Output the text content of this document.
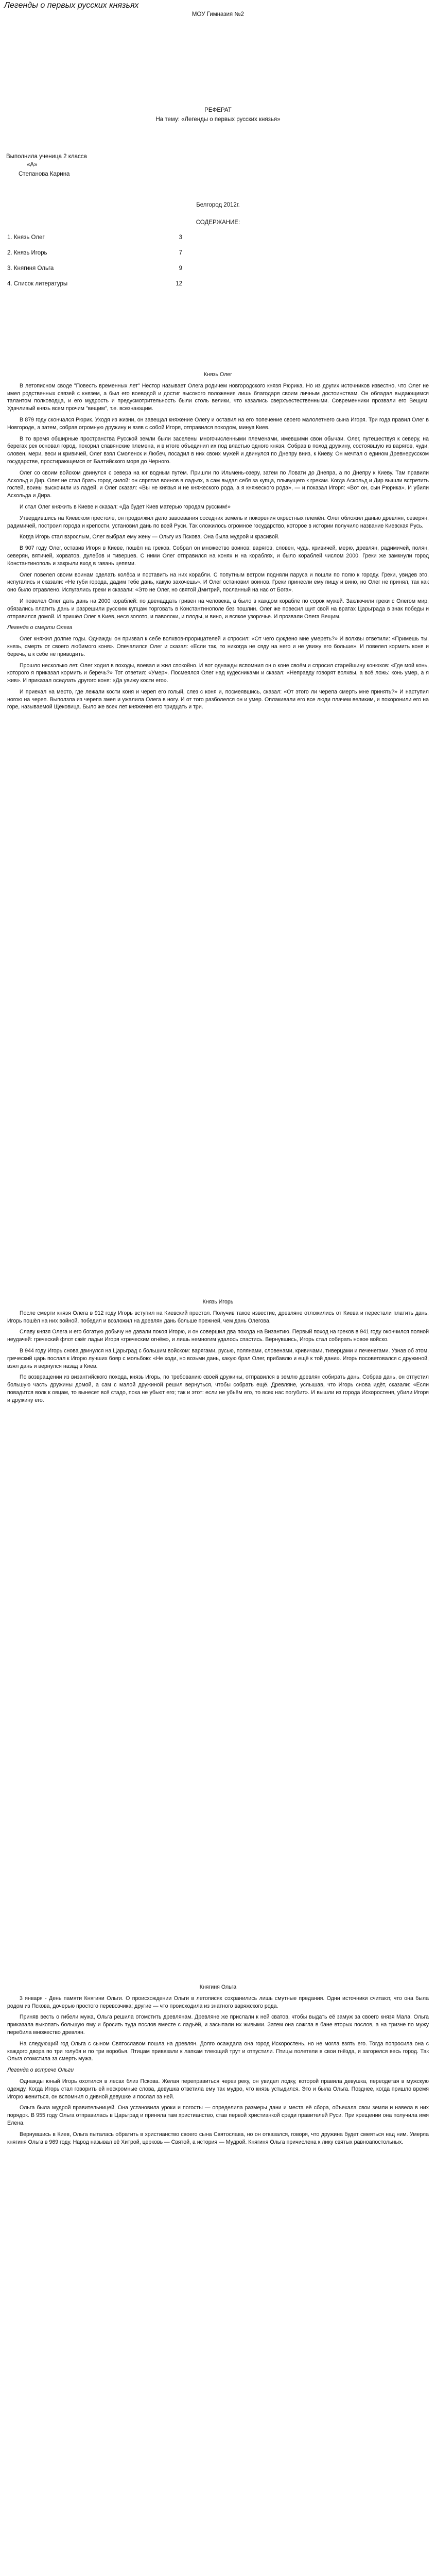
Легенды о первых русских князьях
МОУ Гимназия №2
РЕФЕРАТ
На тему: «Легенды о первых русских князья»
Выполнила ученица 2 класса
«А»
Степанова Карина
Белгород 2012г.
СОДЕРЖАНИЕ:
1. Князь Олег	3
2. Князь Игорь	7
3. Княгиня Ольга	9
4. Список литературы	12

Князь Олег

В летописном своде "Повесть временных лет" Нестор называет Олега родичем новгородского князя Рюрика. Но из других источников известно, что Олег не имел родственных связей с князем, а был его воеводой и достиг высокого положения лишь благодаря своим личным достоинствам. Он обладал выдающимся талантом полководца, и его мудрость и предусмотрительность были столь велики, что казались сверхъестественными. Современники прозвали его Вещим. Удачливый князь всем прочим "вещим", т.е. всезнающим.

В 879 году скончался Рюрик. Уходя из жизни, он завещал княжение Олегу и оставил на его попечение своего малолетнего сына Игоря. Три года правил Олег в Новгороде, а затем, собрав огромную дружину и взяв с собой Игоря, отправился походом, минуя Киев.

В то время обширные пространства Русской земли были заселены многочисленными племенами, имевшими свои обычаи. Олег, путешествуя к северу, на берегах рек основал город, покорил славянские племена, и в итоге объединил их под властью одного князя. Собрав в поход дружину, состоявшую из варягов, чуди, словен, мери, веси и кривичей, Олег взял Смоленск и Любеч, посадил в них своих мужей и двинулся по Днепру вниз, к Киеву. Он мечтал о едином Древнерусском государстве, простирающемся от Балтийского моря до Черного.

Олег со своим войском двинулся с севера на юг водным путём. Пришли по Ильмень-озеру, затем по Ловати до Днепра, а по Днепру к Киеву. Там правили Аскольд и Дир. Олег не стал брать город силой: он спрятал воинов в ладьях, а сам выдал себя за купца, плывущего к грекам. Когда Аскольд и Дир вышли встретить гостей, воины выскочили из ладей, и Олег сказал: «Вы не князья и не княжеского рода, а я княжеского рода», — и показал Игоря: «Вот он, сын Рюрика». И убили Аскольда и Дира.

И стал Олег княжить в Киеве и сказал: «Да будет Киев матерью городам русским!»

Утвердившись на Киевском престоле, он продолжил дело завоевания соседних земель и покорения окрестных племён. Олег обложил данью древлян, северян, радимичей, построил города и крепости, установил дань по всей Руси. Так сложилось огромное государство, которое в истории получило название Киевская Русь.

Когда Игорь стал взрослым, Олег выбрал ему жену — Ольгу из Пскова. Она была мудрой и красивой.

В 907 году Олег, оставив Игоря в Киеве, пошёл на греков. Собрал он множество воинов: варягов, словен, чудь, кривичей, мерю, древлян, радимичей, полян, северян, вятичей, хорватов, дулебов и тиверцев. С ними Олег отправился на конях и на кораблях, и было кораблей числом 2000. Греки же замкнули город Константинополь и закрыли вход в гавань цепями.

Олег повелел своим воинам сделать колёса и поставить на них корабли. С попутным ветром подняли паруса и пошли по полю к городу. Греки, увидев это, испугались и сказали: «Не губи города, дадим тебе дань, какую захочешь». И Олег остановил воинов. Греки принесли ему пищу и вино, но Олег не принял, так как оно было отравлено. Испугались греки и сказали: «Это не Олег, но святой Дмитрий, посланный на нас от Бога».

И повелел Олег дать дань на 2000 кораблей: по двенадцать гривен на человека, а было в каждом корабле по сорок мужей. Заключили греки с Олегом мир, обязались платить дань и разрешили русским купцам торговать в Константинополе без пошлин. Олег же повесил щит свой на вратах Царьграда в знак победы и отправился домой. И пришёл Олег в Киев, неся золото, и паволоки, и плоды, и вино, и всякое узорочье. И прозвали Олега Вещим.

Легенда о смерти Олега

Олег княжил долгие годы. Однажды он призвал к себе волхвов-прорицателей и спросил: «От чего суждено мне умереть?» И волхвы ответили: «Примешь ты, князь, смерть от своего любимого коня». Опечалился Олег и сказал: «Если так, то никогда не сяду на него и не увижу его больше». И повелел кормить коня и беречь, а к себе не приводить.

Прошло несколько лет. Олег ходил в походы, воевал и жил спокойно. И вот однажды вспомнил он о коне своём и спросил старейшину конюхов: «Где мой конь, которого я приказал кормить и беречь?» Тот ответил: «Умер». Посмеялся Олег над кудесниками и сказал: «Неправду говорят волхвы, а всё ложь: конь умер, а я жив». И приказал оседлать другого коня: «Да увижу кости его».

И приехал на место, где лежали кости коня и череп его голый, слез с коня и, посмеявшись, сказал: «От этого ли черепа смерть мне принять?» И наступил ногою на череп. Выползла из черепа змея и ужалила Олега в ногу. И от того разболелся он и умер. Оплакивали его все люди плачем великим, и похоронили его на горе, называемой Щековица. Было же всех лет княжения его тридцать и три.

Князь Игорь

После смерти князя Олега в 912 году Игорь вступил на Киевский престол. Получив такое известие, древляне отложились от Киева и перестали платить дань. Игорь пошёл на них войной, победил и возложил на древлян дань больше прежней, чем дань Олегова.

Славу князя Олега и его богатую добычу не давали покоя Игорю, и он совершил два похода на Византию. Первый поход на греков в 941 году окончился полной неудачей: греческий флот сжёг ладьи Игоря «греческим огнём», и лишь немногим удалось спастись. Вернувшись, Игорь стал собирать новое войско.

В 944 году Игорь снова двинулся на Царьград с большим войском: варягами, русью, полянами, словенами, кривичами, тиверцами и печенегами. Узнав об этом, греческий царь послал к Игорю лучших бояр с мольбою: «Не ходи, но возьми дань, какую брал Олег, прибавлю и ещё к той дани». Игорь посоветовался с дружиной, взял дань и вернулся назад в Киев.

По возвращении из византийского похода, князь Игорь, по требованию своей дружины, отправился в землю древлян собирать дань. Собрав дань, он отпустил большую часть дружины домой, а сам с малой дружиной решил вернуться, чтобы собрать ещё. Древляне, услышав, что Игорь снова идёт, сказали: «Если повадится волк к овцам, то вынесет всё стадо, пока не убьют его; так и этот: если не убьём его, то всех нас погубит». И вышли из города Искоростеня, убили Игоря и дружину его.

Княгиня Ольга

3 января - День памяти Княгини Ольги. О происхождении Ольги в летописях сохранились лишь смутные предания. Одни источники считают, что она была родом из Пскова, дочерью простого перевозчика; другие — что происходила из знатного варяжского рода.

Приняв весть о гибели мужа, Ольга решила отомстить древлянам. Древляне же прислали к ней сватов, чтобы выдать её замуж за своего князя Мала. Ольга приказала выкопать большую яму и бросить туда послов вместе с ладьёй, и засыпали их живыми. Затем она сожгла в бане вторых послов, а на тризне по мужу перебила множество древлян.

На следующий год Ольга с сыном Святославом пошла на древлян. Долго осаждала она город Искоростень, но не могла взять его. Тогда попросила она с каждого двора по три голубя и по три воробья. Птицам привязали к лапкам тлеющий трут и отпустили. Птицы полетели в свои гнёзда, и загорелся весь город. Так Ольга отомстила за смерть мужа.

Легенда о встрече Ольги

Однажды юный Игорь охотился в лесах близ Пскова. Желая переправиться через реку, он увидел лодку, которой правила девушка, переодетая в мужскую одежду. Когда Игорь стал говорить ей нескромные слова, девушка ответила ему так мудро, что князь устыдился. Это и была Ольга. Позднее, когда пришло время Игорю жениться, он вспомнил о дивной девушке и послал за ней.

Ольга была мудрой правительницей. Она установила уроки и погосты — определила размеры дани и места её сбора, объехала свои земли и навела в них порядок. В 955 году Ольга отправилась в Царьград и приняла там христианство, став первой христианкой среди правителей Руси. При крещении она получила имя Елена.

Вернувшись в Киев, Ольга пыталась обратить в христианство своего сына Святослава, но он отказался, говоря, что дружина будет смеяться над ним. Умерла княгиня Ольга в 969 году. Народ называл её Хитрой, церковь — Святой, а история — Мудрой. Княгиня Ольга причислена к лику святых равноапостольных.
